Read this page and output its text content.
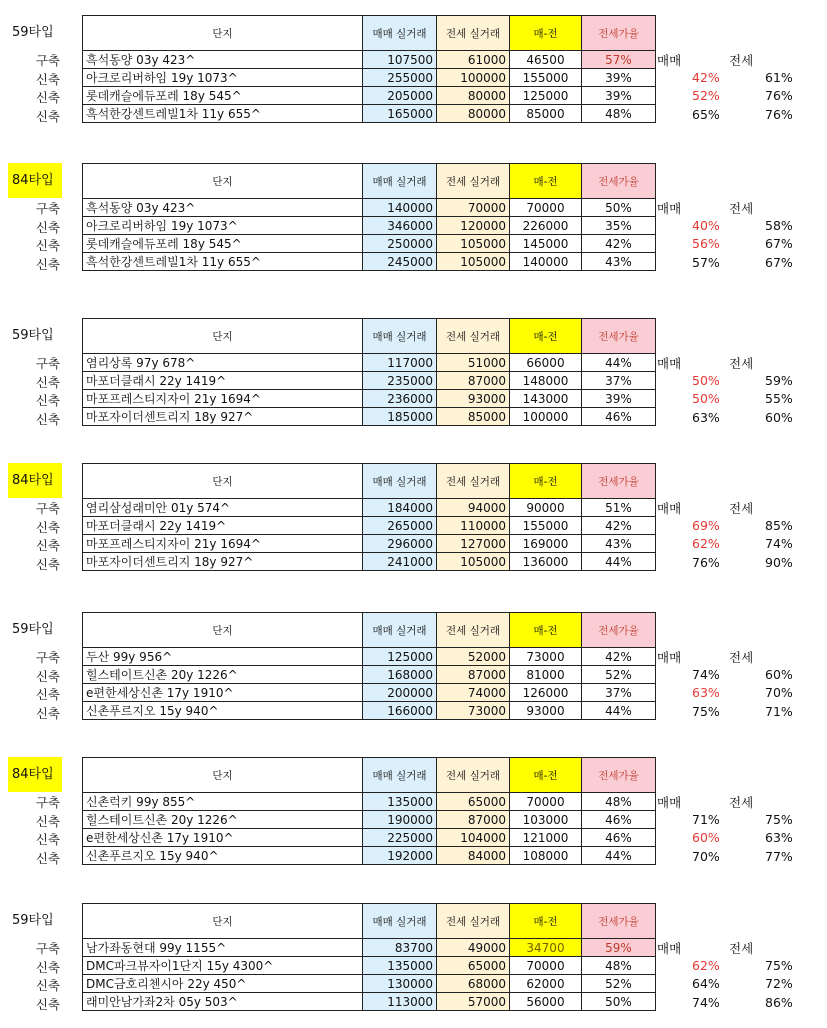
59타입	단지	매매 실거래	전세 실거래	매-전	전세가율
흑석동양 03y 423^	107500	61000	46500	57%
아크로리버하임 19y 1073^	255000	100000	155000	39%
롯데캐슬에듀포레 18y 545^	205000	80000	125000	39%
흑석한강센트레빌1차 11y 655^	165000	80000	85000	48%
구축	매매	전세
신축	42%	61%
신축	52%	76%
신축	65%	76%
84타입	단지	매매 실거래	전세 실거래	매-전	전세가율
흑석동양 03y 423^	140000	70000	70000	50%
아크로리버하임 19y 1073^	346000	120000	226000	35%
롯데캐슬에듀포레 18y 545^	250000	105000	145000	42%
흑석한강센트레빌1차 11y 655^	245000	105000	140000	43%
구축	매매	전세
신축	40%	58%
신축	56%	67%
신축	57%	67%
59타입	단지	매매 실거래	전세 실거래	매-전	전세가율
염리상록 97y 678^	117000	51000	66000	44%
마포더클래시 22y 1419^	235000	87000	148000	37%
마포프레스티지자이 21y 1694^	236000	93000	143000	39%
마포자이더센트리지 18y 927^	185000	85000	100000	46%
구축	매매	전세
신축	50%	59%
신축	50%	55%
신축	63%	60%
84타입	단지	매매 실거래	전세 실거래	매-전	전세가율
염리삼성래미안 01y 574^	184000	94000	90000	51%
마포더클래시 22y 1419^	265000	110000	155000	42%
마포프레스티지자이 21y 1694^	296000	127000	169000	43%
마포자이더센트리지 18y 927^	241000	105000	136000	44%
구축	매매	전세
신축	69%	85%
신축	62%	74%
신축	76%	90%
59타입	단지	매매 실거래	전세 실거래	매-전	전세가율
두산 99y 956^	125000	52000	73000	42%
힐스테이트신촌 20y 1226^	168000	87000	81000	52%
e편한세상신촌 17y 1910^	200000	74000	126000	37%
신촌푸르지오 15y 940^	166000	73000	93000	44%
구축	매매	전세
신축	74%	60%
신축	63%	70%
신축	75%	71%
84타입	단지	매매 실거래	전세 실거래	매-전	전세가율
신촌럭키 99y 855^	135000	65000	70000	48%
힐스테이트신촌 20y 1226^	190000	87000	103000	46%
e편한세상신촌 17y 1910^	225000	104000	121000	46%
신촌푸르지오 15y 940^	192000	84000	108000	44%
구축	매매	전세
신축	71%	75%
신축	60%	63%
신축	70%	77%
59타입	단지	매매 실거래	전세 실거래	매-전	전세가율
남가좌동현대 99y 1155^	83700	49000	34700	59%
DMC파크뷰자이1단지 15y 4300^	135000	65000	70000	48%
DMC금호리첸시아 22y 450^	130000	68000	62000	52%
래미안남가좌2차 05y 503^	113000	57000	56000	50%
구축	매매	전세
신축	62%	75%
신축	64%	72%
신축	74%	86%
